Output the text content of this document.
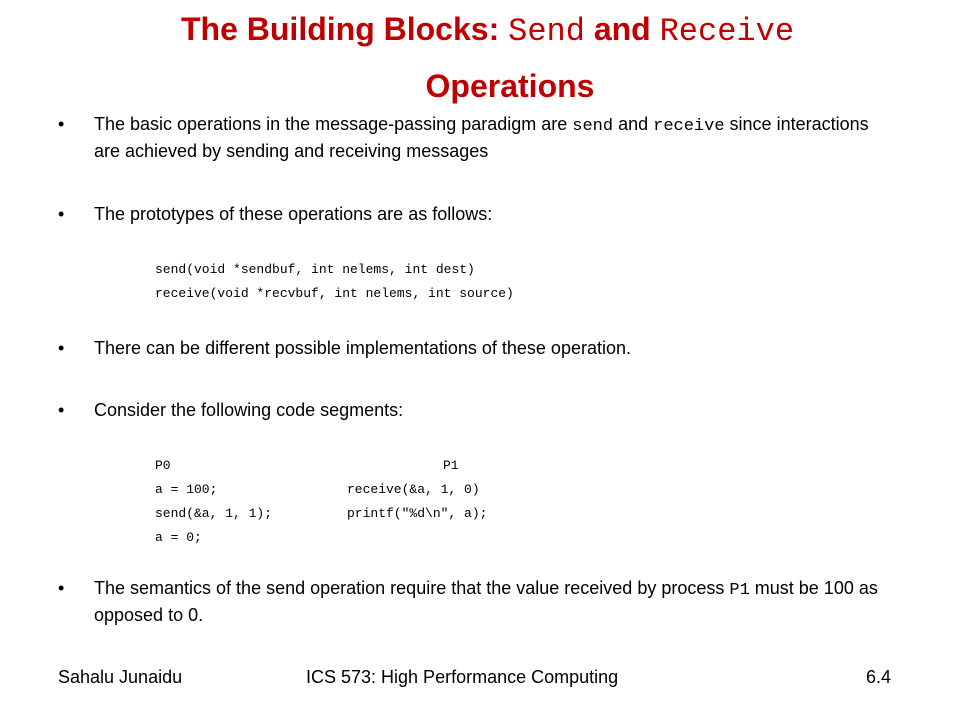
The Building Blocks: Send and Receive
Operations
• The basic operations in the message-passing paradigm are send and receive since interactions are achieved by sending and receiving messages
• The prototypes of these operations are as follows:
send(void *sendbuf, int nelems, int dest)
receive(void *recvbuf, int nelems, int source)
• There can be different possible implementations of these operation.
• Consider the following code segments:
P0	P1
a = 100;	receive(&a, 1, 0)
send(&a, 1, 1);	printf("%d\n", a);
a = 0;
• The semantics of the send operation require that the value received by process P1 must be 100 as opposed to 0.
Sahalu Junaidu	ICS 573: High Performance Computing	6.4
